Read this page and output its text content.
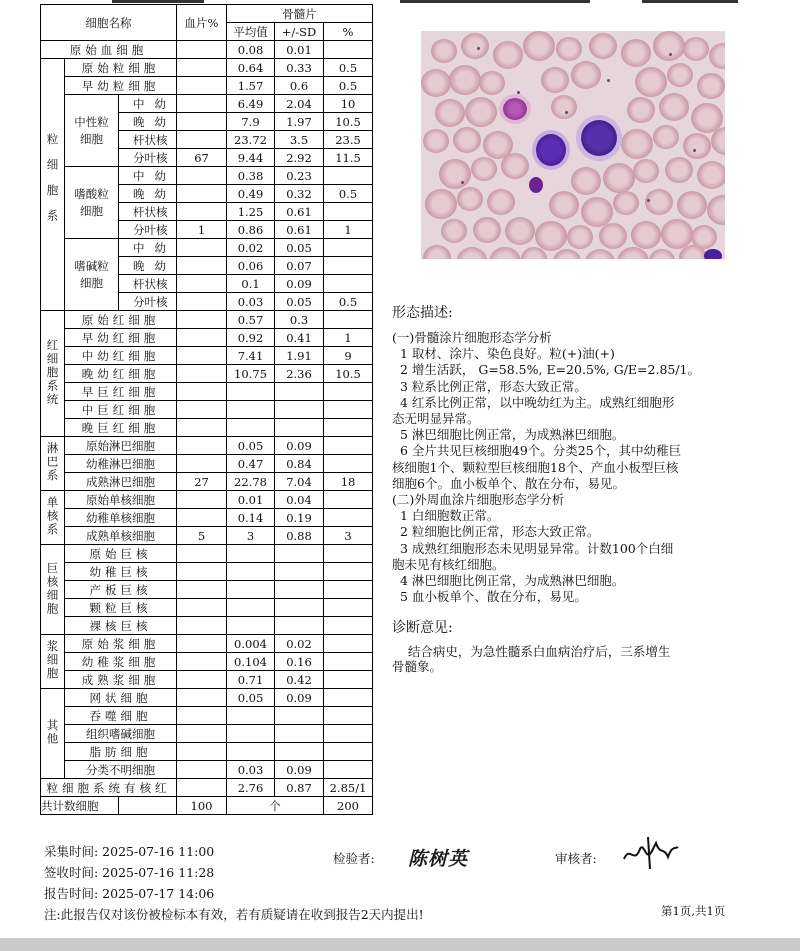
细胞名称			血片%	骨髓片		
				平均值	+/-SD	%
原始血细胞				0.08	0.01	
粒细胞系	原始粒细胞			0.64	0.33	0.5
	早幼粒细胞			1.57	0.6	0.5
	中性粒细胞	中幼		6.49	2.04	10
		晚幼		7.9	1.97	10.5
		杆状核		23.72	3.5	23.5
		分叶核	67	9.44	2.92	11.5
	嗜酸粒细胞	中幼		0.38	0.23	
		晚幼		0.49	0.32	0.5
		杆状核		1.25	0.61	
		分叶核	1	0.86	0.61	1
	嗜碱粒细胞	中幼		0.02	0.05	
		晚幼		0.06	0.07	
		杆状核		0.1	0.09	
		分叶核		0.03	0.05	0.5
红细胞系统	原始红细胞			0.57	0.3	
	早幼红细胞			0.92	0.41	1
	中幼红细胞			7.41	1.91	9
	晚幼红细胞			10.75	2.36	10.5
	早巨红细胞					
	中巨红细胞					
	晚巨红细胞					
淋巴系	原始淋巴细胞			0.05	0.09	
	幼稚淋巴细胞			0.47	0.84	
	成熟淋巴细胞		27	22.78	7.04	18
单核系	原始单核细胞			0.01	0.04	
	幼稚单核细胞			0.14	0.19	
	成熟单核细胞		5	3	0.88	3
巨核细胞	原始巨核					
	幼稚巨核					
	产板巨核					
	颗粒巨核					
	裸核巨核					
浆细胞	原始浆细胞			0.004	0.02	
	幼稚浆细胞			0.104	0.16	
	成熟浆细胞			0.71	0.42	
其他	网状细胞			0.05	0.09	
	吞噬细胞					
	组织嗜碱细胞					
	脂肪细胞					
	分类不明细胞			0.03	0.09	
粒细胞系统有核红				2.76	0.87	2.85/1
共计数细胞			100	个		200
形态描述:
(一)骨髓涂片细胞形态学分析
1 取材、涂片、染色良好。粒(+)油(+)
2 增生活跃， G=58.5%, E=20.5%, G/E=2.85/1。
3 粒系比例正常，形态大致正常。
4 红系比例正常，以中晚幼红为主。成熟红细胞形
态无明显异常。
5 淋巴细胞比例正常，为成熟淋巴细胞。
6 全片共见巨核细胞49个。分类25个，其中幼稚巨
核细胞1个、颗粒型巨核细胞18个、产血小板型巨核
细胞6个。血小板单个、散在分布，易见。
(二)外周血涂片细胞形态学分析
1 白细胞数正常。
2 粒细胞比例正常，形态大致正常。
3 成熟红细胞形态未见明显异常。计数100个白细
胞未见有核红细胞。
4 淋巴细胞比例正常，为成熟淋巴细胞。
5 血小板单个、散在分布，易见。
诊断意见:
结合病史，为急性髓系白血病治疗后，三系增生
骨髓象。
采集时间: 2025-07-16 11:00
签收时间: 2025-07-16 11:28
报告时间: 2025-07-17 14:06
检验者: 陈树英	审核者:
注:此报告仅对该份被检标本有效，若有质疑请在收到报告2天内提出!	第1页,共1页
